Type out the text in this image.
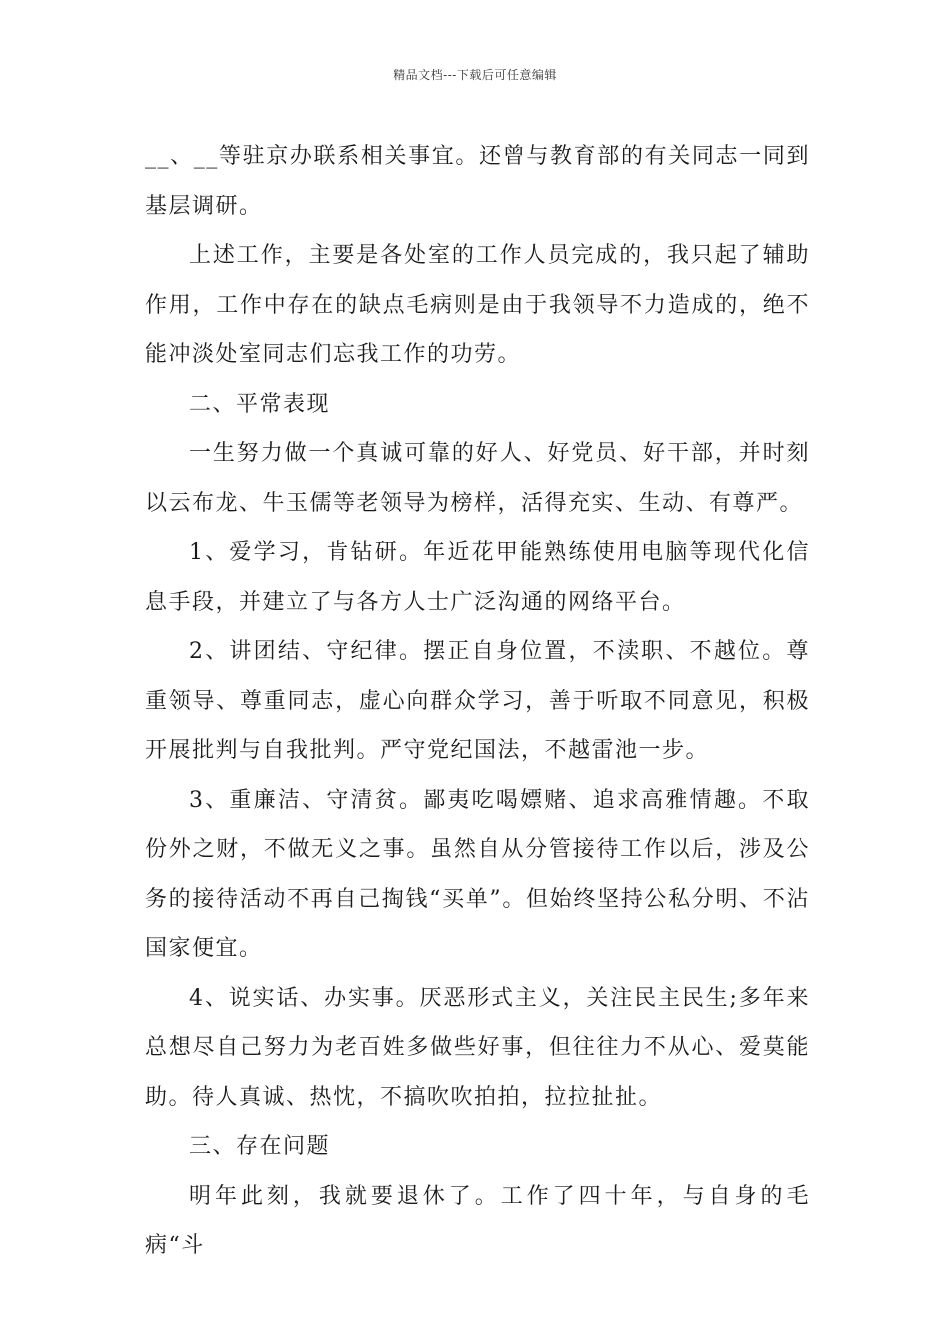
精品文档---下载后可任意编辑

__、__等驻京办联系相关事宜。还曾与教育部的有关同志一同到基层调研。

上述工作，主要是各处室的工作人员完成的，我只起了辅助作用，工作中存在的缺点毛病则是由于我领导不力造成的，绝不能冲淡处室同志们忘我工作的功劳。

二、平常表现

一生努力做一个真诚可靠的好人、好党员、好干部，并时刻以云布龙、牛玉儒等老领导为榜样，活得充实、生动、有尊严。

1、爱学习，肯钻研。年近花甲能熟练使用电脑等现代化信息手段，并建立了与各方人士广泛沟通的网络平台。

2、讲团结、守纪律。摆正自身位置，不渎职、不越位。尊重领导、尊重同志，虚心向群众学习，善于听取不同意见，积极开展批判与自我批判。严守党纪国法，不越雷池一步。

3、重廉洁、守清贫。鄙夷吃喝嫖赌、追求高雅情趣。不取份外之财，不做无义之事。虽然自从分管接待工作以后，涉及公务的接待活动不再自己掏钱“买单”。但始终坚持公私分明、不沾国家便宜。

4、说实话、办实事。厌恶形式主义，关注民主民生;多年来总想尽自己努力为老百姓多做些好事，但往往力不从心、爱莫能助。待人真诚、热忱，不搞吹吹拍拍，拉拉扯扯。

三、存在问题

明年此刻，我就要退休了。工作了四十年，与自身的毛病“斗
